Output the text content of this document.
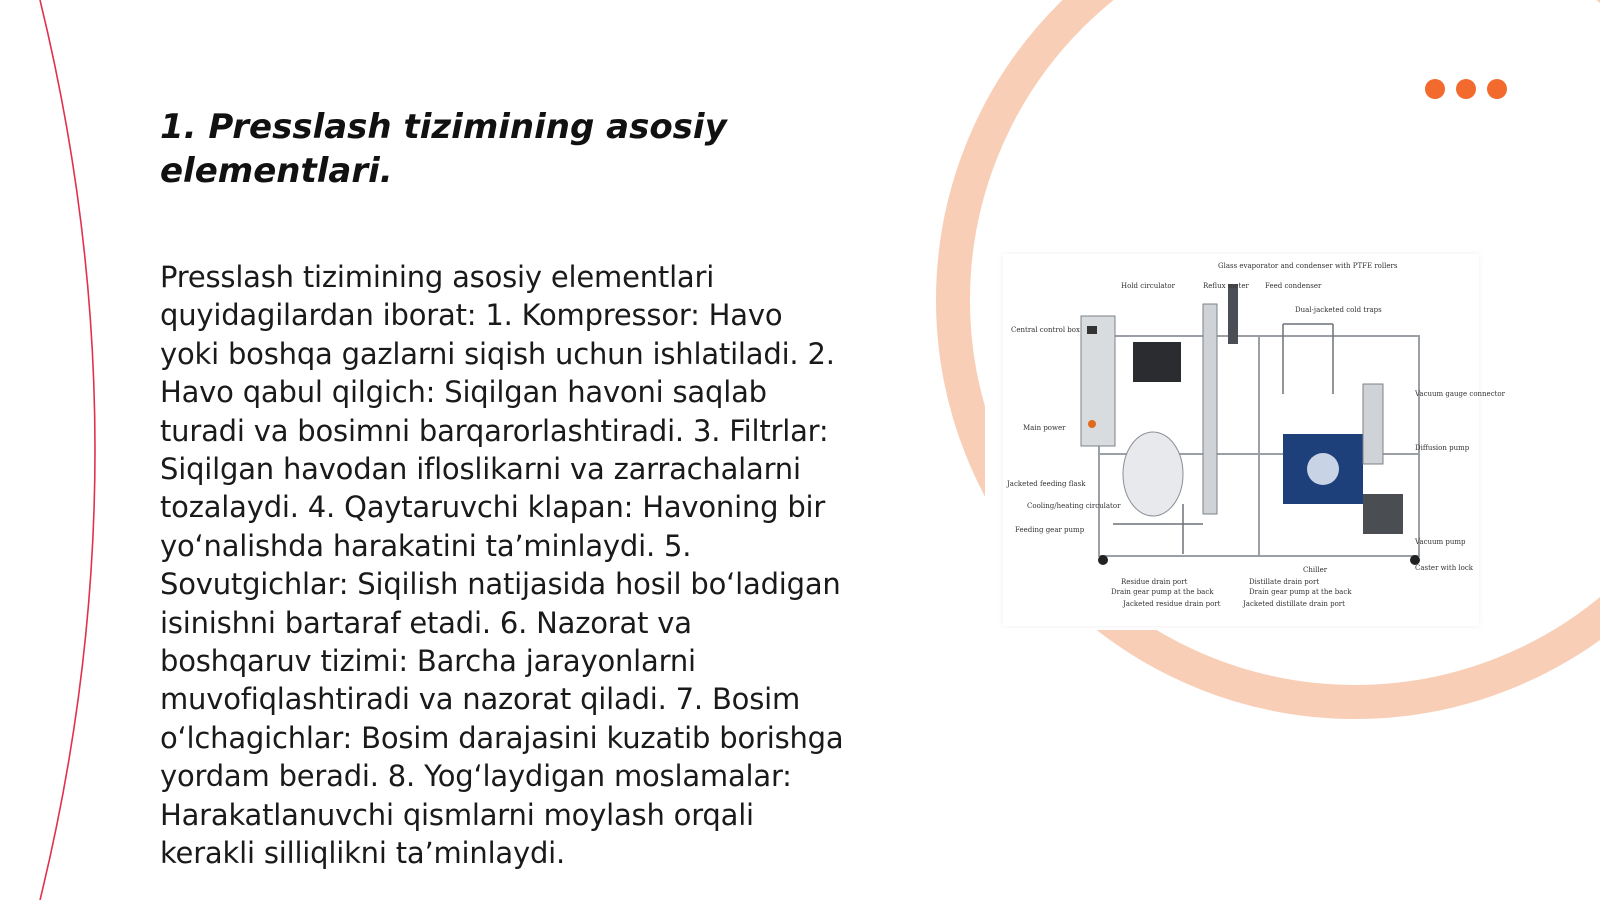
1. Presslash tizimining asosiy elementlari.

Presslash tizimining asosiy elementlari quyidagilardan iborat: 1. Kompressor: Havo yoki boshqa gazlarni siqish uchun ishlatiladi. 2. Havo qabul qilgich: Siqilgan havoni saqlab turadi va bosimni barqarorlashtiradi. 3. Filtrlar: Siqilgan havodan ifloslikarni va zarrachalarni tozalaydi. 4. Qaytaruvchi klapan: Havoning bir yo‘nalishda harakatini ta’minlaydi. 5. Sovutgichlar: Siqilish natijasida hosil bo‘ladigan isinishni bartaraf etadi. 6. Nazorat va boshqaruv tizimi: Barcha jarayonlarni muvofiqlashtiradi va nazorat qiladi. 7. Bosim o‘lchagichlar: Bosim darajasini kuzatib borishga yordam beradi. 8. Yog‘laydigan moslamalar: Harakatlanuvchi qismlarni moylash orqali kerakli silliqlikni ta’minlaydi.

Glass evaporator and condenser with PTFE rollers
Hold circulator	Reflux meter Feed condenser
Dual-jacketed cold traps
Central control box
Main power
Vacuum gauge connector
Diffusion pump
Jacketed feeding flask
Cooling/heating circulator
Feeding gear pump
Vacuum pump
Chiller	Caster with lock
Residue drain port
Drain gear pump at the back
Jacketed residue drain port
Distillate drain port
Drain gear pump at the back
Jacketed distillate drain port
